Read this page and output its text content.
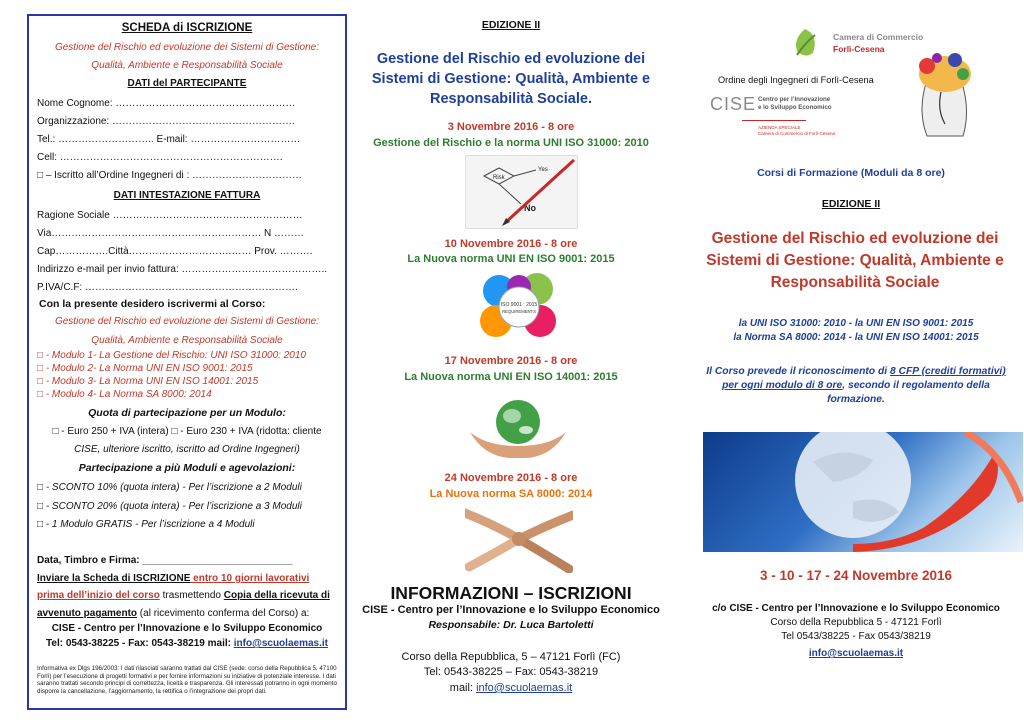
SCHEDA di ISCRIZIONE
Gestione del Rischio ed evoluzione dei Sistemi di Gestione:
Qualità, Ambiente e Responsabilità Sociale
DATI del PARTECIPANTE
Nome Cognome: ………………………………………………
Organizzazione: ……………………………………………….
Tel.: ……………………….. E-mail: ……………………………
Cell: ………………………………………………………….
□ – Iscritto all’Ordine Ingegneri di : ……………………………
DATI INTESTAZIONE FATTURA
Ragione Sociale …………………………………………………
Via……………………………………………………… N ………
Cap…………….Città………………………….…… Prov. ……….
Indirizzo e-mail per invio fattura: ……………………………………..
P.IVA/C.F: ……………………………………………………….
Con la presente desidero iscrivermi al Corso:
Gestione del Rischio ed evoluzione dei Sistemi di Gestione:
Qualità, Ambiente e Responsabilità Sociale
□ - Modulo 1- La Gestione del Rischio: UNI ISO 31000: 2010
□ - Modulo 2- La Norma UNI EN ISO 9001: 2015
□ - Modulo 3- La Norma UNI EN ISO 14001: 2015
□ - Modulo 4- La Norma SA 8000: 2014
Quota di partecipazione per un Modulo:
□ - Euro 250 + IVA (intera) □ - Euro 230 + IVA (ridotta: cliente
CISE, ulteriore iscritto, iscritto ad Ordine Ingegneri)
Partecipazione a più Moduli e agevolazioni:
□ - SCONTO 10% (quota intera) - Per l’iscrizione a 2 Moduli
□ - SCONTO 20% (quota intera) - Per l’iscrizione a 3 Moduli
□ - 1 Modulo GRATIS - Per l’iscrizione a 4 Moduli
Data, Timbro e Firma: ___________________________
Inviare la Scheda di ISCRIZIONE entro 10 giorni lavorativi
prima dell’inizio del corso trasmettendo Copia della ricevuta di
avvenuto pagamento (al ricevimento conferma del Corso) a:
CISE - Centro per l’Innovazione e lo Sviluppo Economico
Tel: 0543-38225 - Fax: 0543-38219 mail: info@scuolaemas.it
Informativa ex Dlgs 196/2003: I dati rilasciati saranno trattati dal CISE (sede: corso della Repubblica 5, 47100 Forlì) per l’esecuzione di progetti formativi e per fornire informazioni su iniziative di potenziale interesse. I dati saranno trattati secondo principi di correttezza, liceità e trasparenza. Gli interessati potranno in ogni momento disporre la cancellazione, l’aggiornamento, la rettifica o l’integrazione dei propri dati.
EDIZIONE II
Gestione del Rischio ed evoluzione dei Sistemi di Gestione: Qualità, Ambiente e Responsabilità Sociale.
3 Novembre 2016 - 8 ore
Gestione del Rischio e la norma UNI ISO 31000: 2010
Risk
Yes
No
10 Novembre 2016 - 8 ore
La Nuova norma UNI EN ISO 9001: 2015
ISO 9001 : 2015
REQUIREMENTS
17 Novembre 2016 - 8 ore
La Nuova norma UNI EN ISO 14001: 2015
24 Novembre 2016 - 8 ore
La Nuova norma SA 8000: 2014
INFORMAZIONI – ISCRIZIONI
CISE - Centro per l’Innovazione e lo Sviluppo Economico
Responsabile: Dr. Luca Bartoletti
Corso della Repubblica, 5 – 47121 Forlì (FC)
Tel: 0543-38225 – Fax: 0543-38219
mail: info@scuolaemas.it
Camera di Commercio
Forlì-Cesena
Ordine degli Ingegneri di Forlì-Cesena
CISE Centro per l’Innovazione
e lo Sviluppo Economico
AZIENDA SPECIALE
Camera di Commercio di Forlì-Cesena
Corsi di Formazione (Moduli da 8 ore)
EDIZIONE II
Gestione del Rischio ed evoluzione dei Sistemi di Gestione: Qualità, Ambiente e Responsabilità Sociale
la UNI ISO 31000: 2010 - la UNI EN ISO 9001: 2015
la Norma SA 8000: 2014 - la UNI EN ISO 14001: 2015
Il Corso prevede il riconoscimento di 8 CFP (crediti formativi) per ogni modulo di 8 ore, secondo il regolamento della formazione.
3 - 10 - 17 - 24 Novembre 2016
c/o CISE - Centro per l’Innovazione e lo Sviluppo Economico
Corso della Repubblica 5 - 47121 Forlì
Tel 0543/38225 - Fax 0543/38219
info@scuolaemas.it
